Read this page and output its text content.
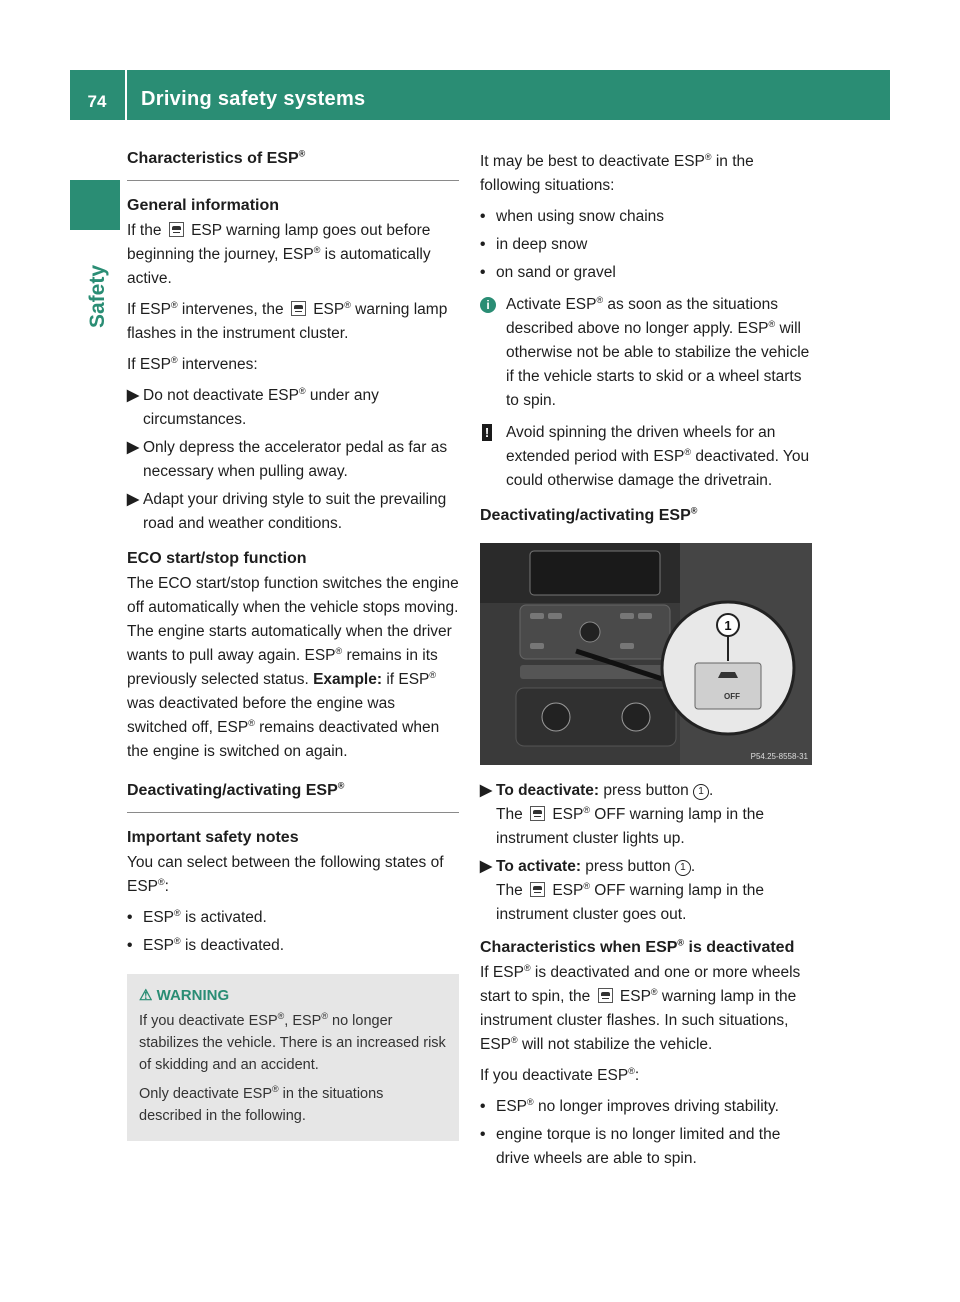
74	Driving safety systems
Safety
Characteristics of ESP®
General information

If the ESP warning lamp goes out before beginning the journey, ESP® is automatically active.

If ESP® intervenes, the ESP® warning lamp flashes in the instrument cluster.

If ESP® intervenes:

▶ Do not deactivate ESP® under any circumstances.
▶ Only depress the accelerator pedal as far as necessary when pulling away.
▶ Adapt your driving style to suit the prevailing road and weather conditions.
ECO start/stop function

The ECO start/stop function switches the engine off automatically when the vehicle stops moving. The engine starts automatically when the driver wants to pull away again. ESP® remains in its previously selected status. Example: if ESP® was deactivated before the engine was switched off, ESP® remains deactivated when the engine is switched on again.

Deactivating/activating ESP®
Important safety notes

You can select between the following states of ESP®:

• ESP® is activated.
• ESP® is deactivated.
⚠ WARNING

If you deactivate ESP®, ESP® no longer stabilizes the vehicle. There is an increased risk of skidding and an accident.

Only deactivate ESP® in the situations described in the following.

It may be best to deactivate ESP® in the following situations:

• when using snow chains
• in deep snow
• on sand or gravel
i	Activate ESP® as soon as the situations described above no longer apply. ESP® will otherwise not be able to stabilize the vehicle if the vehicle starts to skid or a wheel starts to spin.
! Avoid spinning the driven wheels for an extended period with ESP® deactivated. You could otherwise damage the drivetrain.
Deactivating/activating ESP®
1
OFF
P54.25-8558-31
▶ To deactivate: press button 1 .
The ESP® OFF warning lamp in the instrument cluster lights up.
▶ To activate: press button 1 .
The ESP® OFF warning lamp in the instrument cluster goes out.
Characteristics when ESP® is deactivated

If ESP® is deactivated and one or more wheels start to spin, the ESP® warning lamp in the instrument cluster flashes. In such situations, ESP® will not stabilize the vehicle.

If you deactivate ESP®:

• ESP® no longer improves driving stability.
• engine torque is no longer limited and the drive wheels are able to spin.
